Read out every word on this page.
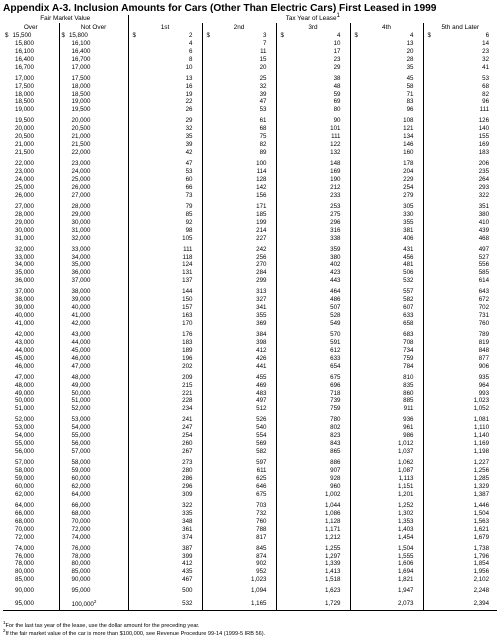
Appendix A-3. Inclusion Amounts for Cars (Other Than Electric Cars) First Leased in 1999
Fair Market Value		Tax Year of Lease1				
Over	Not Over	1st	2nd	3rd	4th	5th and Later

$ 15,500	$ 15,800	$ 2	$ 3	$ 4	$ 4	$ 6
15,800	16,100	4	7	10	13	14
16,100	16,400	6	11	17	20	23
16,400	16,700	8	15	23	28	32
16,700	17,000	10	20	29	35	41
17,000	17,500	13	25	38	45	53
17,500	18,000	16	32	48	58	68
18,000	18,500	19	39	59	71	82
18,500	19,000	22	47	69	83	96
19,000	19,500	26	53	80	96	111
19,500	20,000	29	61	90	108	126
20,000	20,500	32	68	101	121	140
20,500	21,000	35	75	111	134	155
21,000	21,500	39	82	122	146	169
21,500	22,000	42	89	132	160	183
22,000	23,000	47	100	148	178	206
23,000	24,000	53	114	169	204	235
24,000	25,000	60	128	190	229	264
25,000	26,000	66	142	212	254	293
26,000	27,000	73	156	233	279	322
27,000	28,000	79	171	253	305	351
28,000	29,000	85	185	275	330	380
29,000	30,000	92	199	296	355	410
30,000	31,000	98	214	316	381	439
31,000	32,000	105	227	338	406	468
32,000	33,000	111	242	359	431	497
33,000	34,000	118	256	380	456	527
34,000	35,000	124	270	402	481	556
35,000	36,000	131	284	423	506	585
36,000	37,000	137	299	443	532	614
37,000	38,000	144	313	464	557	643
38,000	39,000	150	327	486	582	672
39,000	40,000	157	341	507	607	702
40,000	41,000	163	355	528	633	731
41,000	42,000	170	369	549	658	760
42,000	43,000	176	384	570	683	789
43,000	44,000	183	398	591	708	819
44,000	45,000	189	412	612	734	848
45,000	46,000	196	426	633	759	877
46,000	47,000	202	441	654	784	906
47,000	48,000	209	455	675	810	935
48,000	49,000	215	469	696	835	964
49,000	50,000	221	483	718	860	993
50,000	51,000	228	497	739	885	1,023
51,000	52,000	234	512	759	911	1,052
52,000	53,000	241	526	780	936	1,081
53,000	54,000	247	540	802	961	1,110
54,000	55,000	254	554	823	986	1,140
55,000	56,000	260	569	843	1,012	1,169
56,000	57,000	267	582	865	1,037	1,198
57,000	58,000	273	597	886	1,062	1,227
58,000	59,000	280	611	907	1,087	1,256
59,000	60,000	286	625	928	1,113	1,285
60,000	62,000	296	646	960	1,151	1,329
62,000	64,000	309	675	1,002	1,201	1,387
64,000	66,000	322	703	1,044	1,252	1,446
66,000	68,000	335	732	1,086	1,302	1,504
68,000	70,000	348	760	1,128	1,353	1,563
70,000	72,000	361	788	1,171	1,403	1,621
72,000	74,000	374	817	1,212	1,454	1,679
74,000	76,000	387	845	1,255	1,504	1,738
76,000	78,000	399	874	1,297	1,555	1,796
78,000	80,000	412	902	1,339	1,606	1,854
80,000	85,000	435	952	1,413	1,694	1,956
85,000	90,000	467	1,023	1,518	1,821	2,102
90,000	95,000	500	1,094	1,623	1,947	2,248
95,000	100,000$^2$	532	1,165	1,729	2,073	2,394
$^1$For the last tax year of the lease, use the dollar amount for the preceding year.
$^2$If the fair market value of the car is more than $100,000, see Revenue Procedure 99-14 (1999-5 IRB 56).
